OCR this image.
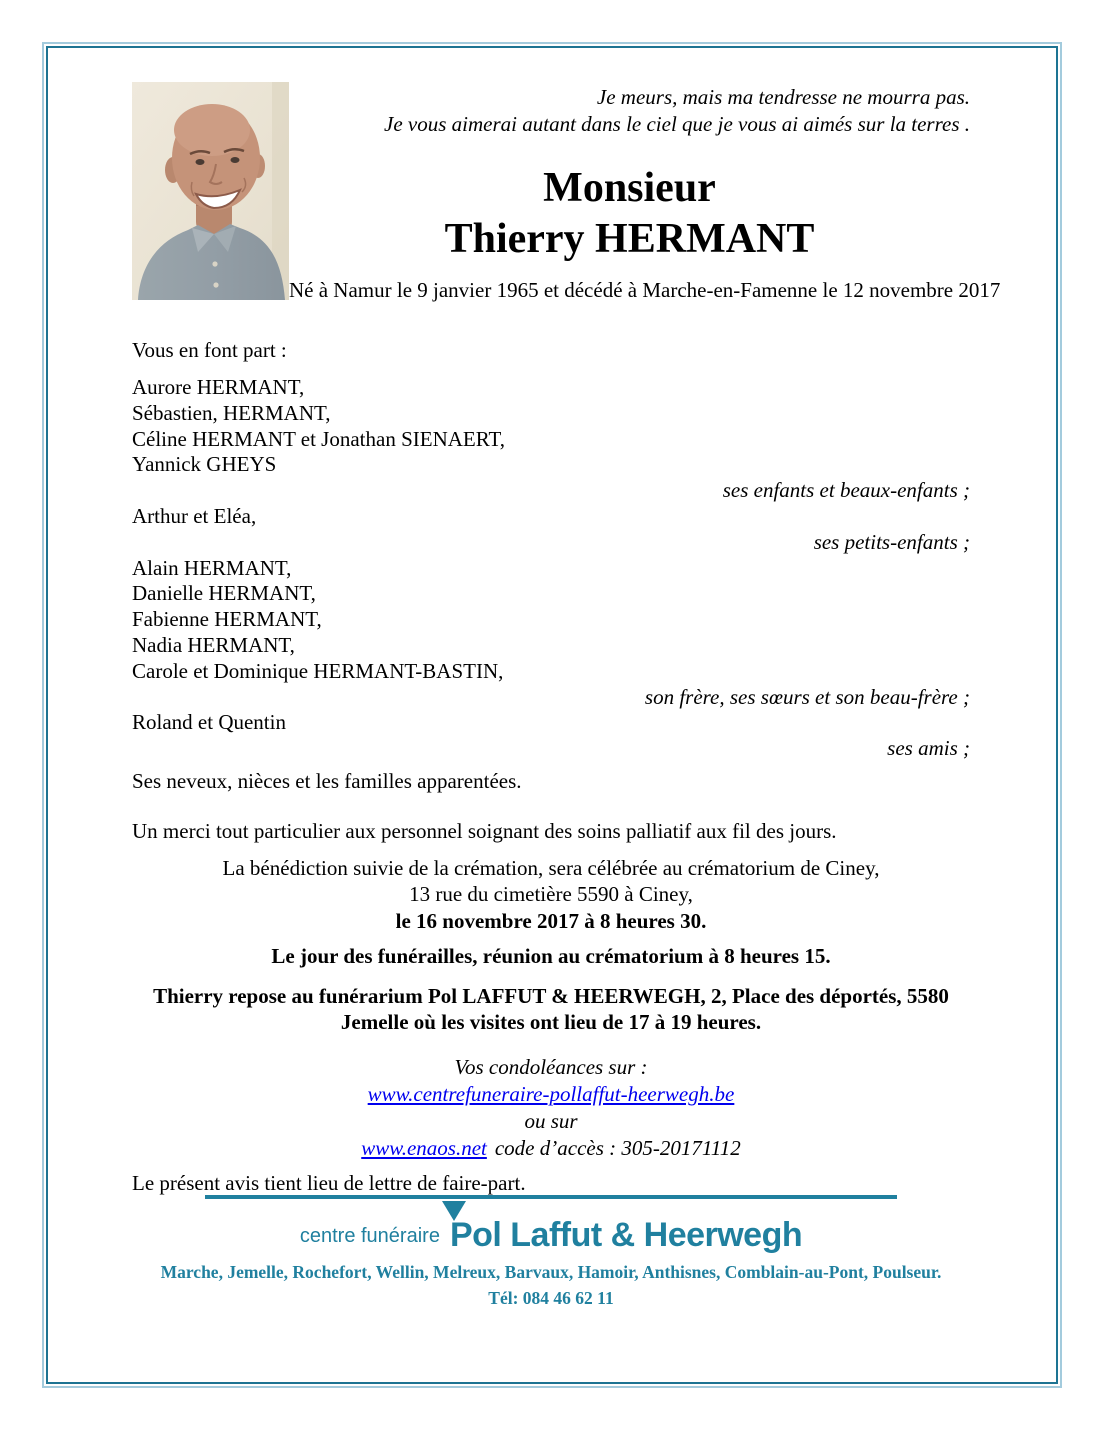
Je meurs, mais ma tendresse ne mourra pas.
Je vous aimerai autant dans le ciel que je vous ai aimés sur la terres .
Monsieur
Thierry HERMANT
Né à Namur le 9 janvier 1965 et décédé à Marche-en-Famenne le 12 novembre 2017
Vous en font part :
Aurore HERMANT,
Sébastien, HERMANT,
Céline HERMANT et Jonathan SIENAERT,
Yannick GHEYS
ses enfants et beaux-enfants ;
Arthur et Eléa,
ses petits-enfants ;
Alain HERMANT,
Danielle HERMANT,
Fabienne HERMANT,
Nadia HERMANT,
Carole et Dominique HERMANT-BASTIN,
son frère, ses sœurs et son beau-frère ;
Roland et Quentin
ses amis ;
Ses neveux, nièces et les familles apparentées.
Un merci tout particulier aux personnel soignant des soins palliatif aux fil des jours.
La bénédiction suivie de la crémation, sera célébrée au crématorium de Ciney,
13 rue du cimetière 5590 à Ciney,
le 16 novembre 2017 à 8 heures 30.
Le jour des funérailles, réunion au crématorium à 8 heures 15.
Thierry repose au funérarium Pol LAFFUT & HEERWEGH, 2, Place des déportés, 5580
Jemelle où les visites ont lieu de 17 à 19 heures.
Vos condoléances sur :
www.centrefuneraire-pollaffut-heerwegh.be
ou sur
www.enaos.net code d’accès : 305-20171112
Le présent avis tient lieu de lettre de faire-part.
centre funéraire Pol Laffut & Heerwegh
Marche, Jemelle, Rochefort, Wellin, Melreux, Barvaux, Hamoir, Anthisnes, Comblain-au-Pont, Poulseur.
Tél: 084 46 62 11
